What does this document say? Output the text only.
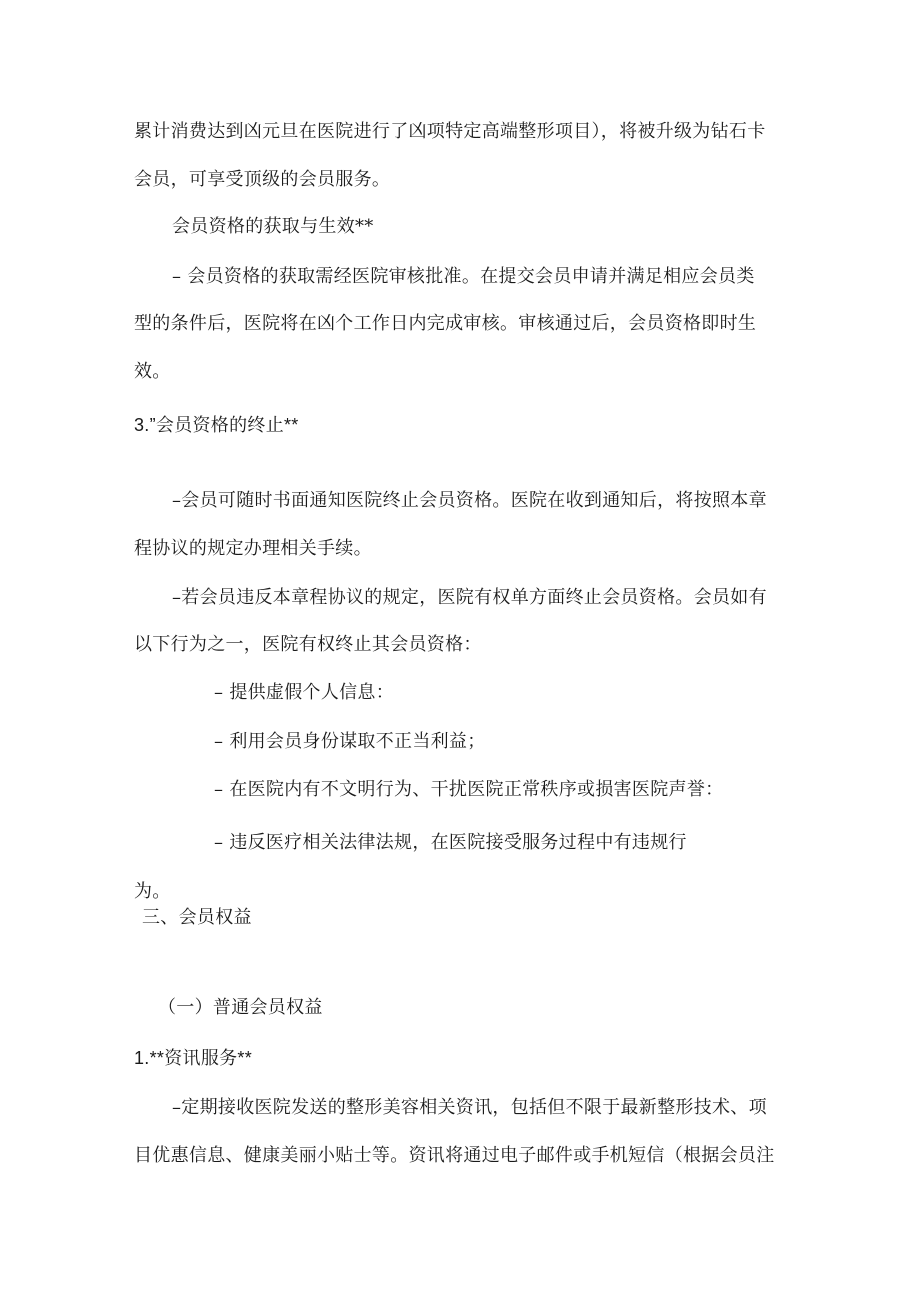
累计消费达到凶元旦在医院进行了凶项特定高端整形项目），将被升级为钻石卡
会员，可享受顶级的会员服务。
会员资格的获取与生效**
– 会员资格的获取需经医院审核批准。在提交会员申请并满足相应会员类
型的条件后，医院将在凶个工作日内完成审核。审核通过后，会员资格即时生
效。
3.”会员资格的终止**
–会员可随时书面通知医院终止会员资格。医院在收到通知后，将按照本章
程协议的规定办理相关手续。
–若会员违反本章程协议的规定，医院有权单方面终止会员资格。会员如有
以下行为之一，医院有权终止其会员资格：
– 提供虚假个人信息：
– 利用会员身份谋取不正当利益；
– 在医院内有不文明行为、干扰医院正常秩序或损害医院声誉：
– 违反医疗相关法律法规，在医院接受服务过程中有违规行
为。
三、会员权益
（一）普通会员权益
1.**资讯服务**
–定期接收医院发送的整形美容相关资讯，包括但不限于最新整形技术、项
目优惠信息、健康美丽小贴士等。资讯将通过电子邮件或手机短信（根据会员注
